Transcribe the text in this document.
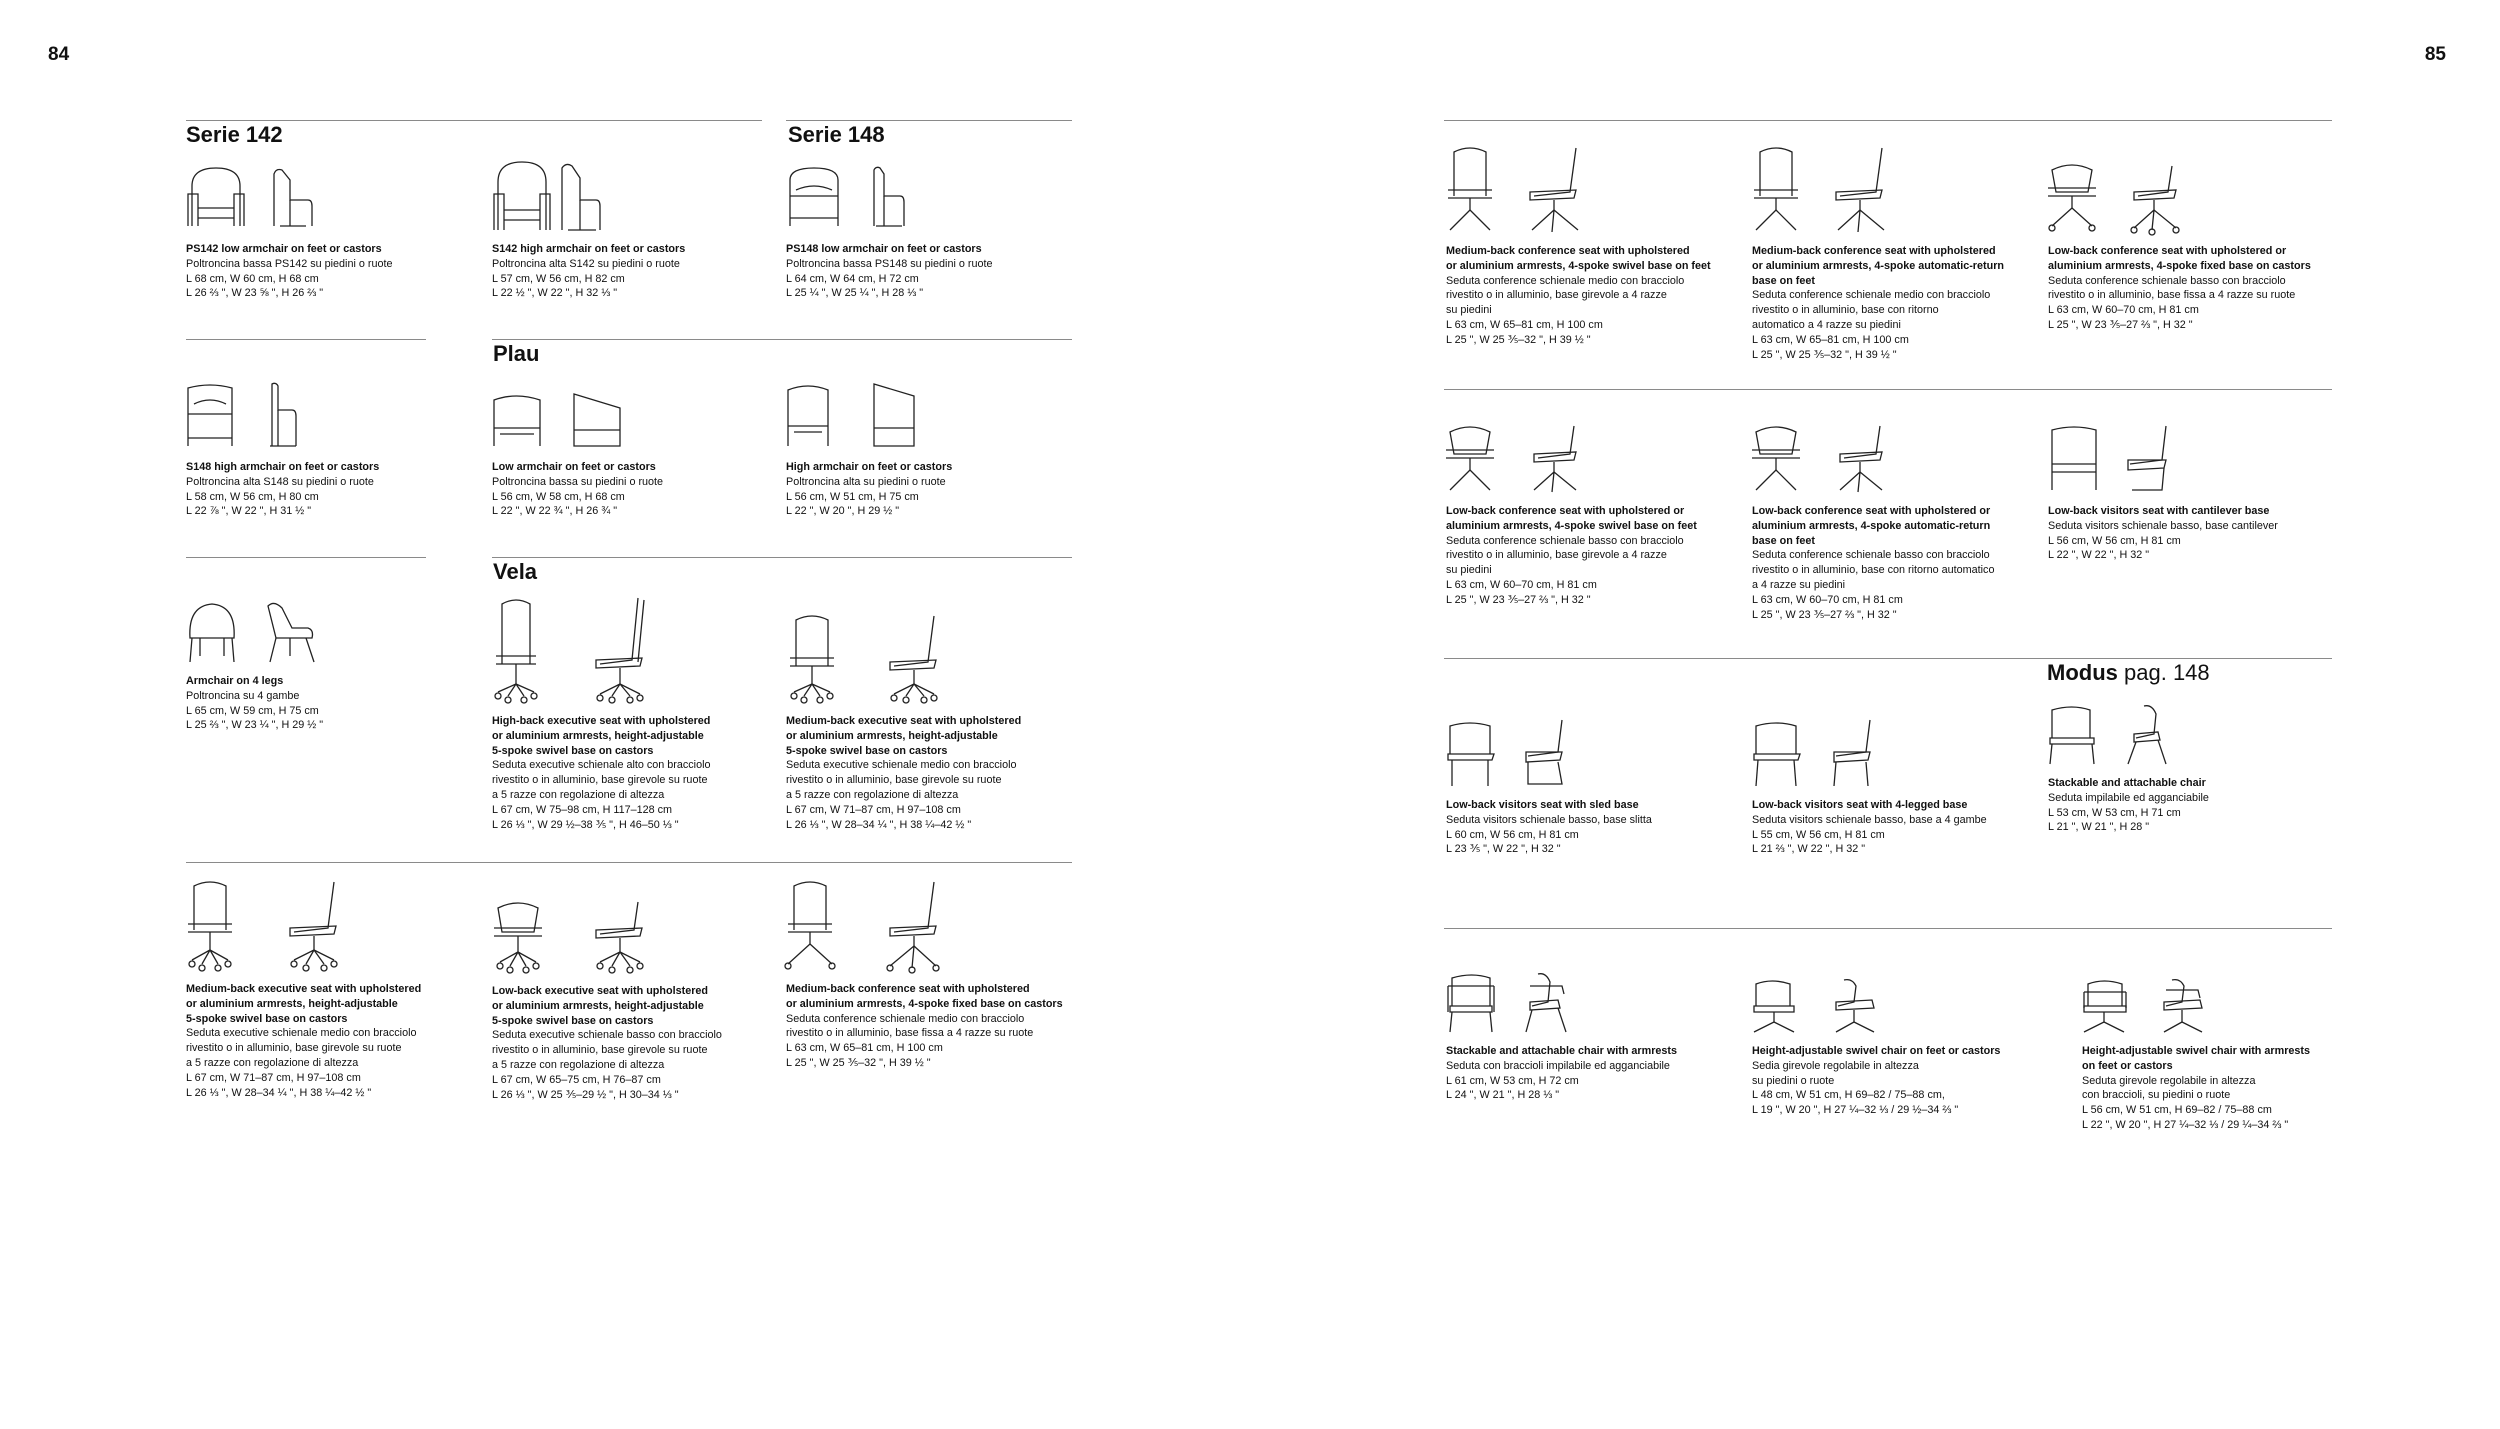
84	85
Serie 142	Serie 148
Plau
Vela
Modus pag. 148
PS142 low armchair on feet or castors
Poltroncina bassa PS142 su piedini o ruote
L 68 cm, W 60 cm, H 68 cm
L 26 ⅔ ", W 23 ⅝ ", H 26 ⅔ "
S142 high armchair on feet or castors
Poltroncina alta S142 su piedini o ruote
L 57 cm, W 56 cm, H 82 cm
L 22 ½ ", W 22 ", H 32 ⅓ "
PS148 low armchair on feet or castors
Poltroncina bassa PS148 su piedini o ruote
L 64 cm, W 64 cm, H 72 cm
L 25 ¼ ", W 25 ¼ ", H 28 ⅓ "
S148 high armchair on feet or castors
Poltroncina alta S148 su piedini o ruote
L 58 cm, W 56 cm, H 80 cm
L 22 ⅞ ", W 22 ", H 31 ½ "
Low armchair on feet or castors
Poltroncina bassa su piedini o ruote
L 56 cm, W 58 cm, H 68 cm
L 22 ", W 22 ¾ ", H 26 ¾ "
High armchair on feet or castors
Poltroncina alta su piedini o ruote
L 56 cm, W 51 cm, H 75 cm
L 22 ", W 20 ", H 29 ½ "
Armchair on 4 legs
Poltroncina su 4 gambe
L 65 cm, W 59 cm, H 75 cm
L 25 ⅔ ", W 23 ¼ ", H 29 ½ "	High-back executive seat with upholstered
or aluminium armrests, height-adjustable
5-spoke swivel base on castors
Seduta executive schienale alto con bracciolo
rivestito o in alluminio, base girevole su ruote
a 5 razze con regolazione di altezza
L 67 cm, W 75–98 cm, H 117–128 cm
L 26 ⅓ ", W 29 ½–38 ⅗ ", H 46–50 ⅓ "
Medium-back executive seat with upholstered
or aluminium armrests, height-adjustable
5-spoke swivel base on castors
Seduta executive schienale medio con bracciolo
rivestito o in alluminio, base girevole su ruote
a 5 razze con regolazione di altezza
L 67 cm, W 71–87 cm, H 97–108 cm
L 26 ⅓ ", W 28–34 ¼ ", H 38 ¼–42 ½ "
Medium-back executive seat with upholstered
or aluminium armrests, height-adjustable
5-spoke swivel base on castors
Seduta executive schienale medio con bracciolo
rivestito o in alluminio, base girevole su ruote
a 5 razze con regolazione di altezza
L 67 cm, W 71–87 cm, H 97–108 cm
L 26 ⅓ ", W 28–34 ¼ ", H 38 ¼–42 ½ "
Low-back executive seat with upholstered
or aluminium armrests, height-adjustable
5-spoke swivel base on castors
Seduta executive schienale basso con bracciolo
rivestito o in alluminio, base girevole su ruote
a 5 razze con regolazione di altezza
L 67 cm, W 65–75 cm, H 76–87 cm
L 26 ⅓ ", W 25 ⅗–29 ½ ", H 30–34 ⅓ "
Medium-back conference seat with upholstered
or aluminium armrests, 4-spoke fixed base on castors
Seduta conference schienale medio con bracciolo
rivestito o in alluminio, base fissa a 4 razze su ruote
L 63 cm, W 65–81 cm, H 100 cm
L 25 ", W 25 ⅗–32 ", H 39 ½ "
Medium-back conference seat with upholstered
or aluminium armrests, 4-spoke swivel base on feet
Seduta conference schienale medio con bracciolo
rivestito o in alluminio, base girevole a 4 razze
su piedini
L 63 cm, W 65–81 cm, H 100 cm
L 25 ", W 25 ⅗–32 ", H 39 ½ "
Medium-back conference seat with upholstered
or aluminium armrests, 4-spoke automatic-return
base on feet
Seduta conference schienale medio con bracciolo
rivestito o in alluminio, base con ritorno
automatico a 4 razze su piedini
L 63 cm, W 65–81 cm, H 100 cm
L 25 ", W 25 ⅗–32 ", H 39 ½ "
Low-back conference seat with upholstered or
aluminium armrests, 4-spoke fixed base on castors
Seduta conference schienale basso con bracciolo
rivestito o in alluminio, base fissa a 4 razze su ruote
L 63 cm, W 60–70 cm, H 81 cm
L 25 ", W 23 ⅗–27 ⅔ ", H 32 "
Low-back conference seat with upholstered or
aluminium armrests, 4-spoke swivel base on feet
Seduta conference schienale basso con bracciolo
rivestito o in alluminio, base girevole a 4 razze
su piedini
L 63 cm, W 60–70 cm, H 81 cm
L 25 ", W 23 ⅗–27 ⅔ ", H 32 "
Low-back conference seat with upholstered or
aluminium armrests, 4-spoke automatic-return
base on feet
Seduta conference schienale basso con bracciolo
rivestito o in alluminio, base con ritorno automatico
a 4 razze su piedini
L 63 cm, W 60–70 cm, H 81 cm
L 25 ", W 23 ⅗–27 ⅔ ", H 32 "
Low-back visitors seat with cantilever base
Seduta visitors schienale basso, base cantilever
L 56 cm, W 56 cm, H 81 cm
L 22 ", W 22 ", H 32 "
Low-back visitors seat with sled base
Seduta visitors schienale basso, base slitta
L 60 cm, W 56 cm, H 81 cm
L 23 ⅗ ", W 22 ", H 32 "
Low-back visitors seat with 4-legged base
Seduta visitors schienale basso, base a 4 gambe
L 55 cm, W 56 cm, H 81 cm
L 21 ⅔ ", W 22 ", H 32 "
Stackable and attachable chair
Seduta impilabile ed agganciabile
L 53 cm, W 53 cm, H 71 cm
L 21 ", W 21 ", H 28 "
Stackable and attachable chair with armrests
Seduta con braccioli impilabile ed agganciabile
L 61 cm, W 53 cm, H 72 cm
L 24 ", W 21 ", H 28 ⅓ "
Height-adjustable swivel chair on feet or castors
Sedia girevole regolabile in altezza
su piedini o ruote
L 48 cm, W 51 cm, H 69–82 / 75–88 cm,
L 19 ", W 20 ", H 27 ¼–32 ⅓ / 29 ½–34 ⅔ "
Height-adjustable swivel chair with armrests
on feet or castors
Seduta girevole regolabile in altezza
con braccioli, su piedini o ruote
L 56 cm, W 51 cm, H 69–82 / 75–88 cm
L 22 ", W 20 ", H 27 ¼–32 ⅓ / 29 ¼–34 ⅔ "
